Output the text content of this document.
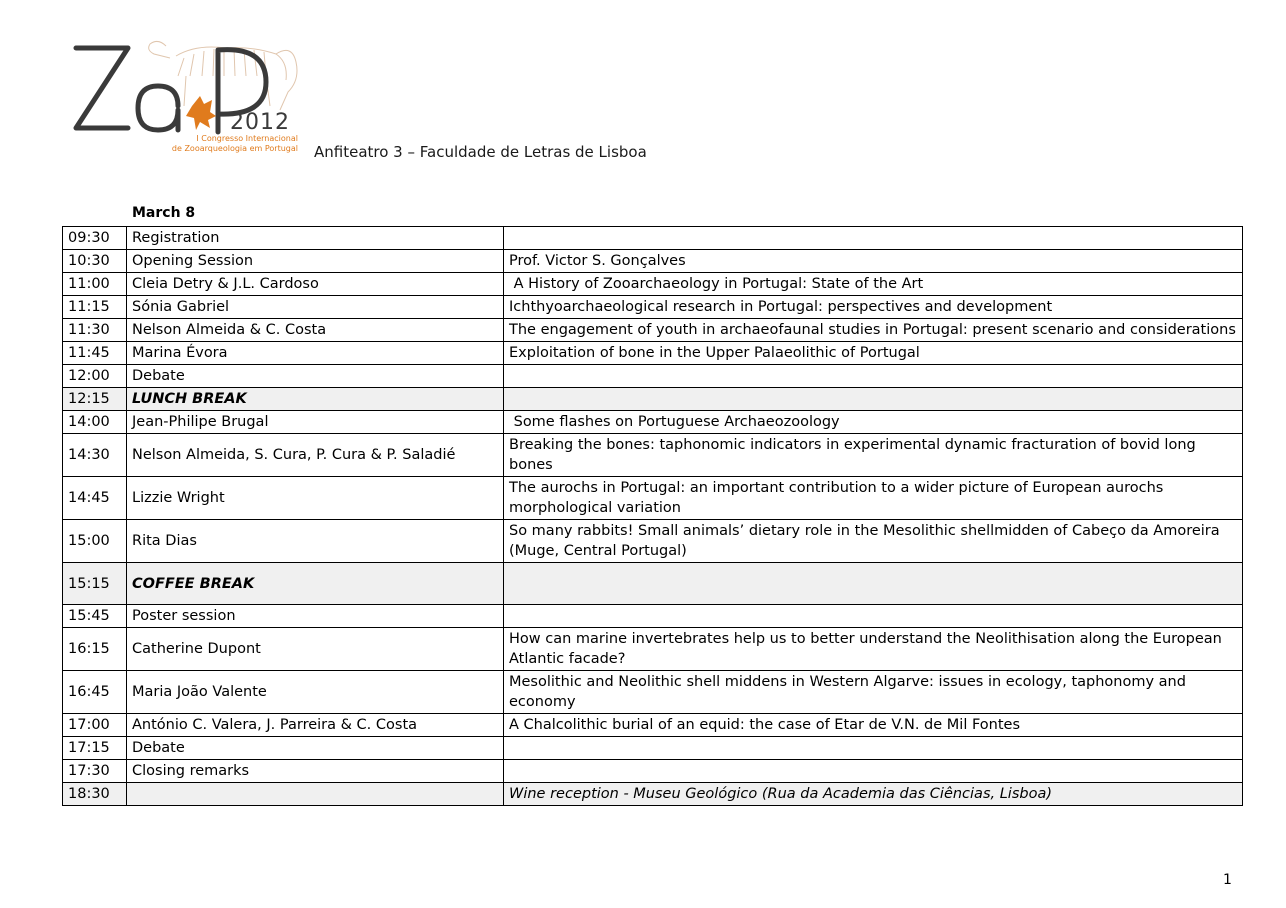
2012
I Congresso Internacional
de Zooarqueologia em Portugal Anfiteatro 3 – Faculdade de Letras de Lisboa
March 8
09:30	Registration	
10:30	Opening Session	Prof. Victor S. Gonçalves
11:00	Cleia Detry & J.L. Cardoso	A History of Zooarchaeology in Portugal: State of the Art
11:15	Sónia Gabriel	Ichthyoarchaeological research in Portugal: perspectives and development
11:30	Nelson Almeida & C. Costa	The engagement of youth in archaeofaunal studies in Portugal: present scenario and considerations
11:45	Marina Évora	Exploitation of bone in the Upper Palaeolithic of Portugal
12:00	Debate	
12:15	LUNCH BREAK	
14:00	Jean-Philipe Brugal	Some flashes on Portuguese Archaeozoology
14:30	Nelson Almeida, S. Cura, P. Cura & P. Saladié	Breaking the bones: taphonomic indicators in experimental dynamic fracturation of bovid long bones
14:45	Lizzie Wright	The aurochs in Portugal: an important contribution to a wider picture of European aurochs morphological variation
15:00	Rita Dias	So many rabbits! Small animals’ dietary role in the Mesolithic shellmidden of Cabeço da Amoreira (Muge, Central Portugal)
15:15	COFFEE BREAK	
15:45	Poster session	
16:15	Catherine Dupont	How can marine invertebrates help us to better understand the Neolithisation along the European Atlantic facade?
16:45	Maria João Valente	Mesolithic and Neolithic shell middens in Western Algarve: issues in ecology, taphonomy and economy
17:00	António C. Valera, J. Parreira & C. Costa	A Chalcolithic burial of an equid: the case of Etar de V.N. de Mil Fontes
17:15	Debate	
17:30	Closing remarks	
18:30		Wine reception - Museu Geológico (Rua da Academia das Ciências, Lisboa)
1
